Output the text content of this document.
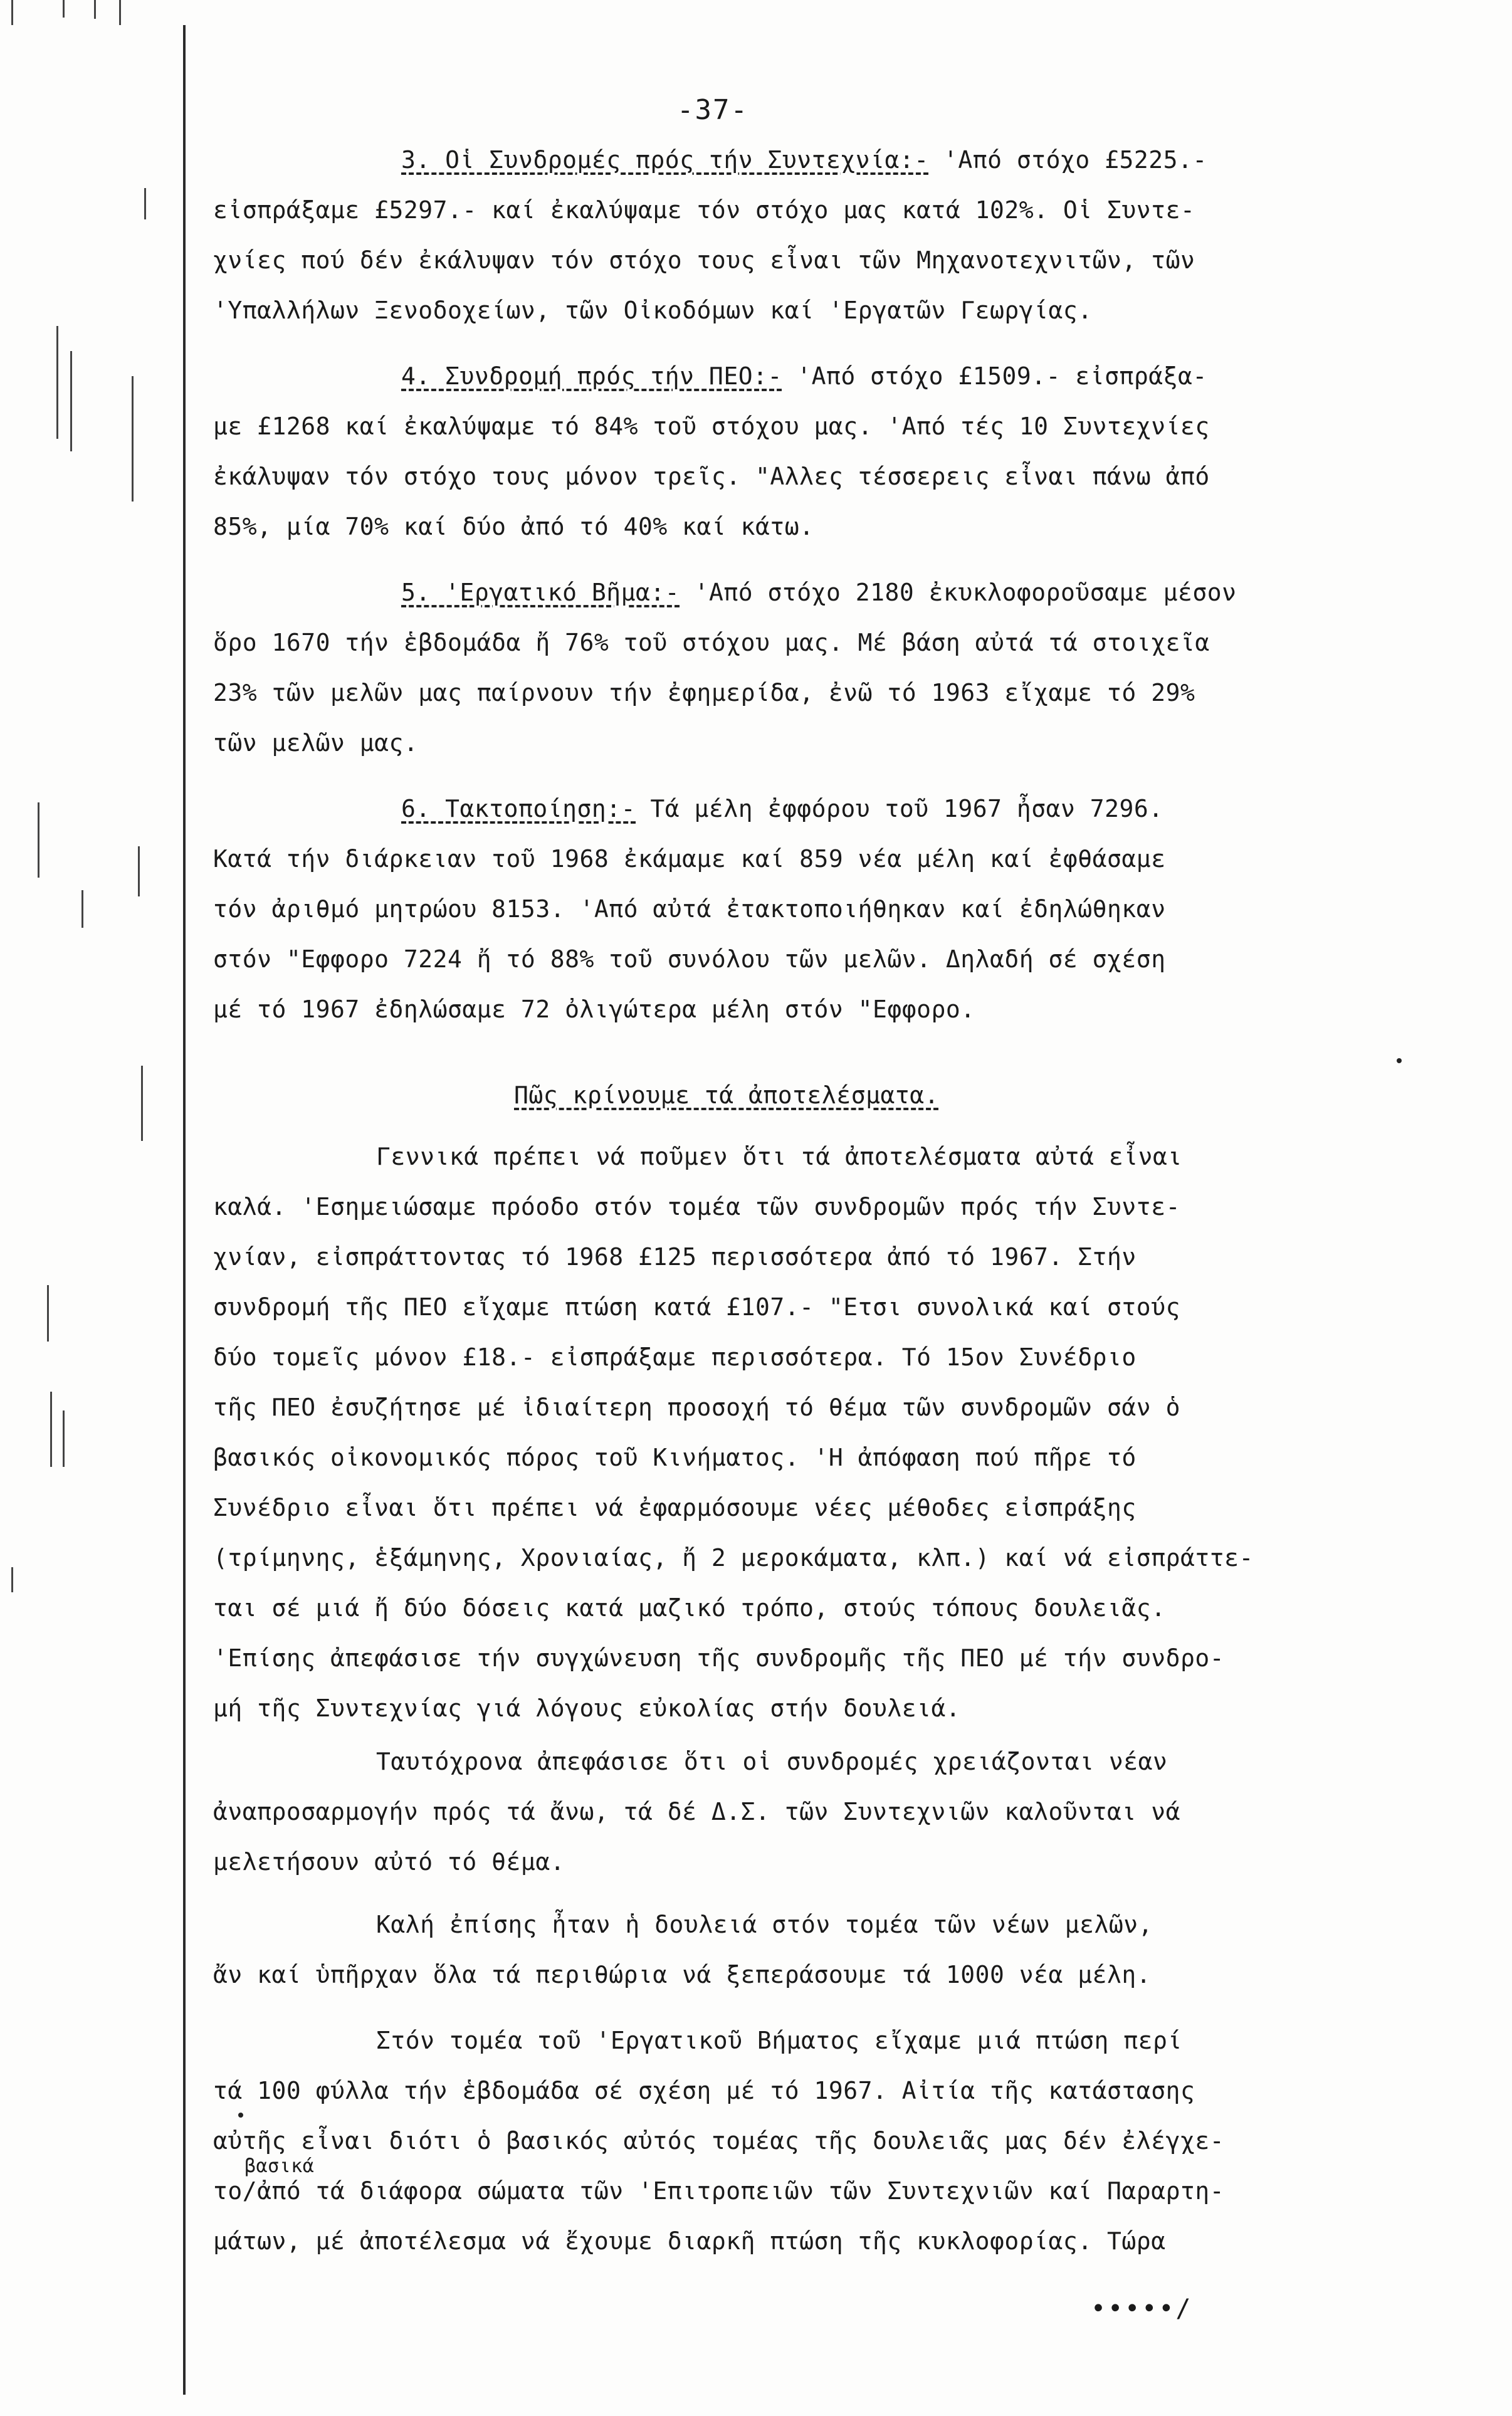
-37-
3. Οἱ Συνδρομές πρός τήν Συντεχνία:- 'Από στόχο £5225.-
εἰσπράξαμε £5297.- καί ἐκαλύψαμε τόν στόχο μας κατά 102%. Οἱ Συντε-
χνίες πού δέν ἐκάλυψαν τόν στόχο τους εἶναι τῶν Μηχανοτεχνιτῶν, τῶν
'Υπαλλήλων Ξενοδοχείων, τῶν Οἰκοδόμων καί 'Εργατῶν Γεωργίας.
4. Συνδρομή πρός τήν ΠΕΟ:- 'Από στόχο £1509.- εἰσπράξα-
με £1268 καί ἐκαλύψαμε τό 84% τοῦ στόχου μας. 'Από τές 10 Συντεχνίες
ἐκάλυψαν τόν στόχο τους μόνον τρεῖς. "Αλλες τέσσερεις εἶναι πάνω ἀπό
85%, μία 70% καί δύο ἀπό τό 40% καί κάτω.
5. 'Εργατικό Βῆμα:- 'Από στόχο 2180 ἐκυκλοφοροῦσαμε μέσον
ὅρο 1670 τήν ἑβδομάδα ἤ 76% τοῦ στόχου μας. Μέ βάση αὐτά τά στοιχεῖα
23% τῶν μελῶν μας παίρνουν τήν ἐφημερίδα, ἐνῶ τό 1963 εἴχαμε τό 29%
τῶν μελῶν μας.
6. Τακτοποίηση:- Τά μέλη ἐφφόρου τοῦ 1967 ἦσαν 7296.
Κατά τήν διάρκειαν τοῦ 1968 ἐκάμαμε καί 859 νέα μέλη καί ἐφθάσαμε
τόν ἀριθμό μητρώου 8153. 'Από αὐτά ἐτακτοποιήθηκαν καί ἐδηλώθηκαν
στόν "Εφφορο 7224 ἤ τό 88% τοῦ συνόλου τῶν μελῶν. Δηλαδή σέ σχέση
μέ τό 1967 ἐδηλώσαμε 72 ὀλιγώτερα μέλη στόν "Εφφορο.
Πῶς κρίνουμε τά ἀποτελέσματα.
Γεννικά πρέπει νά ποῦμεν ὅτι τά ἀποτελέσματα αὐτά εἶναι
καλά. 'Εσημειώσαμε πρόοδο στόν τομέα τῶν συνδρομῶν πρός τήν Συντε-
χνίαν, εἰσπράττοντας τό 1968 £125 περισσότερα ἀπό τό 1967. Στήν
συνδρομή τῆς ΠΕΟ εἴχαμε πτώση κατά £107.- "Ετσι συνολικά καί στούς
δύο τομεῖς μόνον £18.- εἰσπράξαμε περισσότερα. Τό 15ον Συνέδριο
τῆς ΠΕΟ ἐσυζήτησε μέ ἰδιαίτερη προσοχή τό θέμα τῶν συνδρομῶν σάν ὁ
βασικός οἰκονομικός πόρος τοῦ Κινήματος. 'Η ἀπόφαση πού πῆρε τό
Συνέδριο εἶναι ὅτι πρέπει νά ἐφαρμόσουμε νέες μέθοδες εἰσπράξης
(τρίμηνης, ἑξάμηνης, Χρονιαίας, ἤ 2 μεροκάματα, κλπ.) καί νά εἰσπράττε-
ται σέ μιά ἤ δύο δόσεις κατά μαζικό τρόπο, στούς τόπους δουλειᾶς.
'Επίσης ἀπεφάσισε τήν συγχώνευση τῆς συνδρομῆς τῆς ΠΕΟ μέ τήν συνδρο-
μή τῆς Συντεχνίας γιά λόγους εὐκολίας στήν δουλειά.
Ταυτόχρονα ἀπεφάσισε ὅτι οἱ συνδρομές χρειάζονται νέαν
ἀναπροσαρμογήν πρός τά ἄνω, τά δέ Δ.Σ. τῶν Συντεχνιῶν καλοῦνται νά
μελετήσουν αὐτό τό θέμα.
Καλή ἐπίσης ἦταν ἡ δουλειά στόν τομέα τῶν νέων μελῶν,
ἄν καί ὑπῆρχαν ὅλα τά περιθώρια νά ξεπεράσουμε τά 1000 νέα μέλη.
Στόν τομέα τοῦ 'Εργατικοῦ Βήματος εἴχαμε μιά πτώση περί
τά 100 φύλλα τήν ἑβδομάδα σέ σχέση μέ τό 1967. Αἰτία τῆς κατάστασης
αὐτῆς εἶναι διότι ὁ βασικός αὐτός τομέας τῆς δουλειᾶς μας δέν ἐλέγχε-
το/ἀπό τά διάφορα σώματα τῶν 'Επιτροπειῶν τῶν Συντεχνιῶν καί Παραρτη-
μάτων, μέ ἀποτέλεσμα νά ἔχουμε διαρκῆ πτώση τῆς κυκλοφορίας. Τώρα
βασικά
•••••/
